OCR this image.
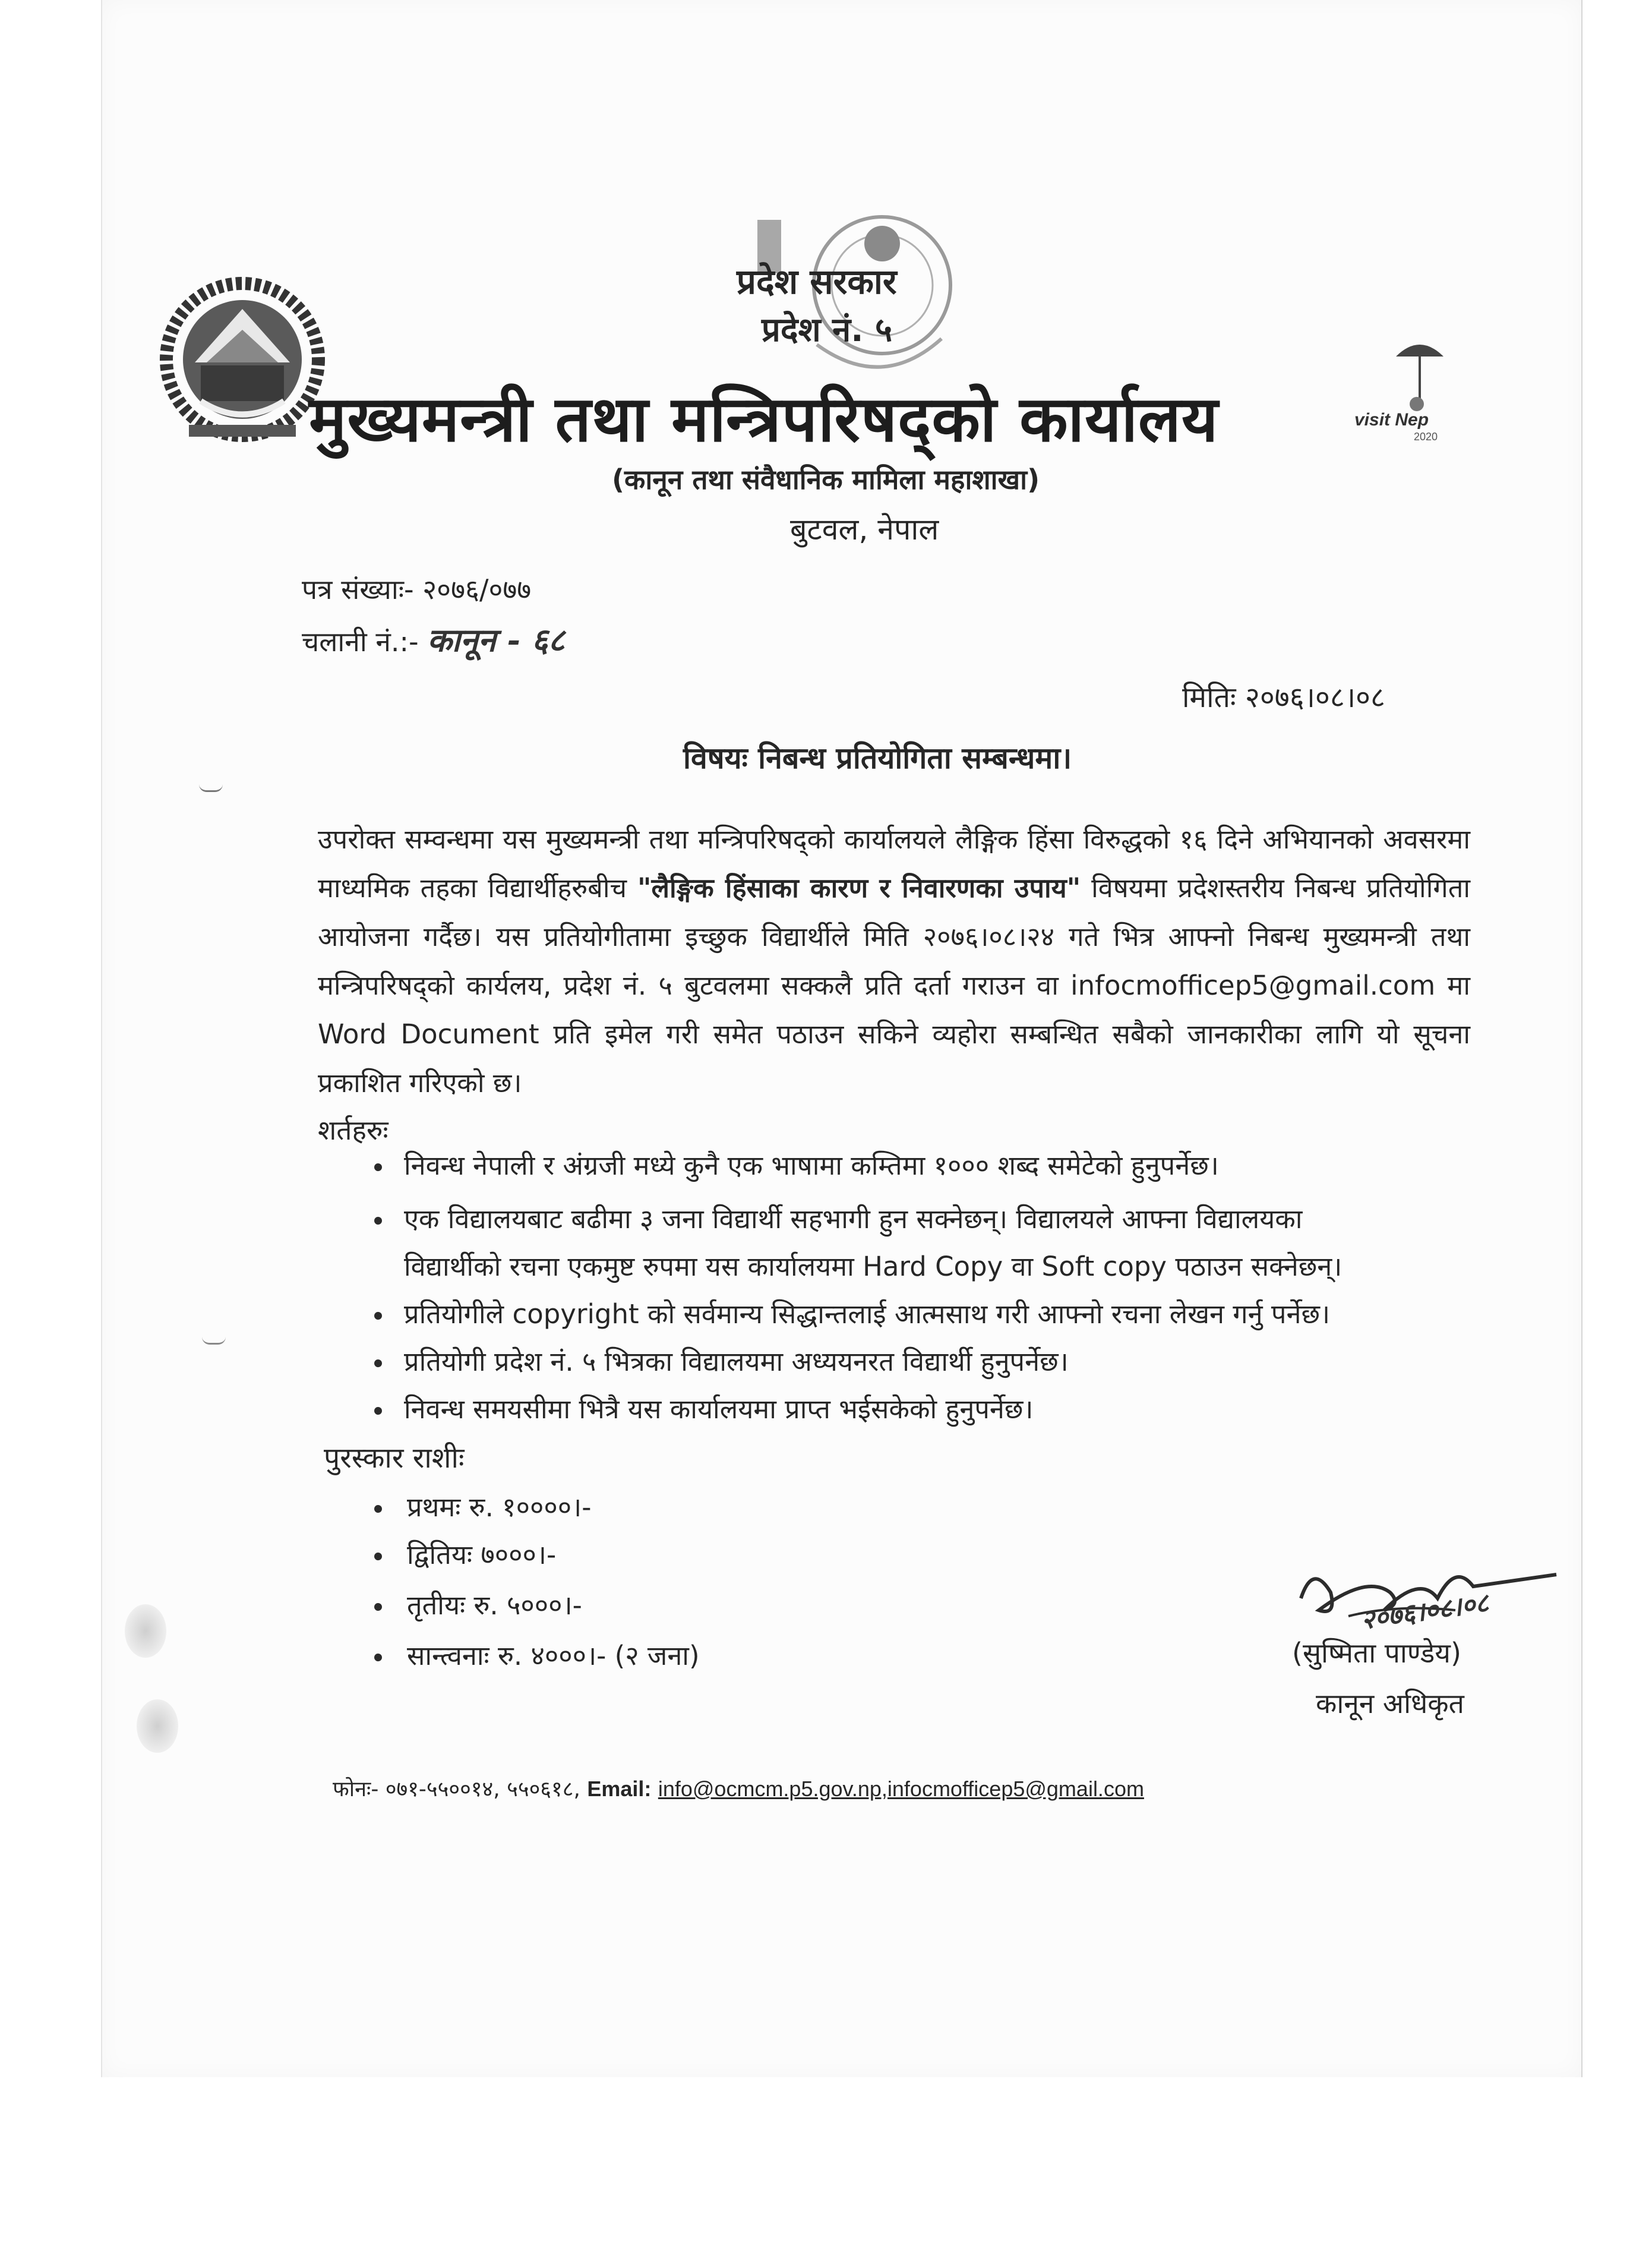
visit Nep
2020
प्रदेश सरकार
प्रदेश नं. ५
मुख्यमन्त्री तथा मन्त्रिपरिषद्को कार्यालय
(कानून तथा संवैधानिक मामिला महाशाखा)
बुटवल, नेपाल
पत्र संख्याः- २०७६/०७७
चलानी नं.:- कानून - ६८
मितिः २०७६।०८।०८
विषयः निबन्ध प्रतियोगिता सम्बन्धमा।
उपरोक्त सम्वन्धमा यस मुख्यमन्त्री तथा मन्त्रिपरिषद्को कार्यालयले लैङ्गिक हिंसा विरुद्धको १६ दिने अभियानको अवसरमा माध्यमिक तहका विद्यार्थीहरुबीच "लैङ्गिक हिंसाका कारण र निवारणका उपाय" विषयमा प्रदेशस्तरीय निबन्ध प्रतियोगिता आयोजना गर्दैछ। यस प्रतियोगीतामा इच्छुक विद्यार्थीले मिति २०७६।०८।२४ गते भित्र आफ्नो निबन्ध मुख्यमन्त्री तथा मन्त्रिपरिषद्को कार्यलय, प्रदेश नं. ५ बुटवलमा सक्कलै प्रति दर्ता गराउन वा infocmofficep5@gmail.com मा Word Document प्रति इमेल गरी समेत पठाउन सकिने व्यहोरा सम्बन्धित सबैको जानकारीका लागि यो सूचना प्रकाशित गरिएको छ।
शर्तहरुः
निवन्ध नेपाली र अंग्रजी मध्ये कुनै एक भाषामा कम्तिमा १००० शब्द समेटेको हुनुपर्नेछ।
एक विद्यालयबाट बढीमा ३ जना विद्यार्थी सहभागी हुन सक्नेछन्। विद्यालयले आफ्ना विद्यालयका
विद्यार्थीको रचना एकमुष्ट रुपमा यस कार्यालयमा Hard Copy वा Soft copy पठाउन सक्नेछन्।
प्रतियोगीले copyright को सर्वमान्य सिद्धान्तलाई आत्मसाथ गरी आफ्नो रचना लेखन गर्नु पर्नेछ।
प्रतियोगी प्रदेश नं. ५ भित्रका विद्यालयमा अध्ययनरत विद्यार्थी हुनुपर्नेछ।
निवन्ध समयसीमा भित्रै यस कार्यालयमा प्राप्त भईसकेको हुनुपर्नेछ।
पुरस्कार राशीः
प्रथमः रु. १००००।-
द्वितियः ७०००।-
तृतीयः रु. ५०००।-
सान्त्वनाः रु. ४०००।- (२ जना)
२०७६।०८।०८
(सुष्मिता पाण्डेय)
कानून अधिकृत
फोनः- ०७१-५५००१४, ५५०६१८, Email: info@ocmcm.p5.gov.np,infocmofficep5@gmail.com
